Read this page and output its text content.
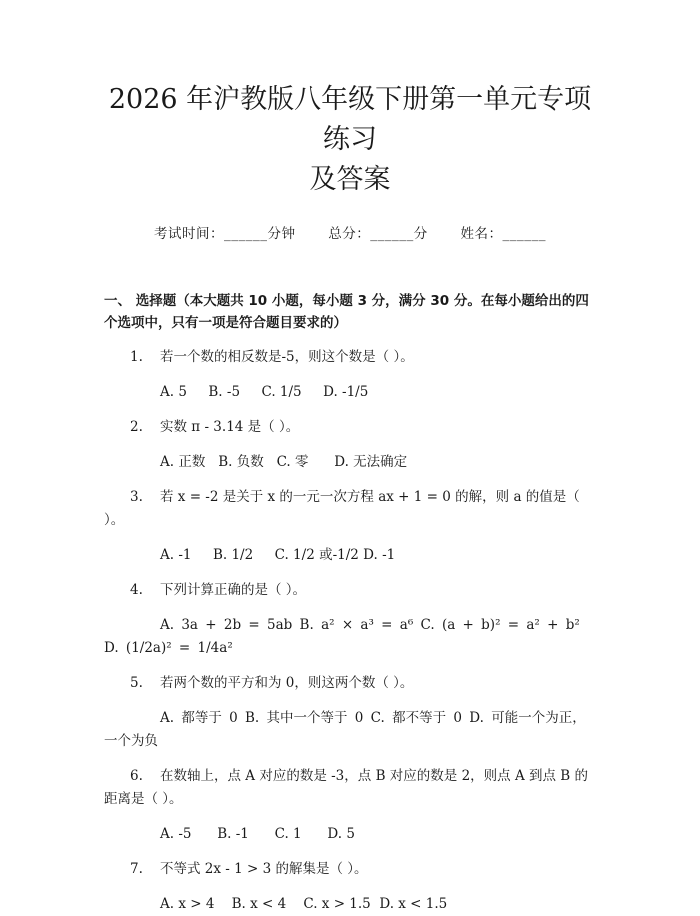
2026 年沪教版八年级下册第一单元专项练习
及答案
考试时间：______分钟 总分：______分 姓名：______
一、 选择题（本大题共 10 小题，每小题 3 分，满分 30 分。在每小题给出的四个选项中，只有一项是符合题目要求的）
1. 若一个数的相反数是-5，则这个数是（ ）。
A. 5     B. -5     C. 1/5     D. -1/5
2. 实数 π - 3.14 是（ ）。
A. 正数   B. 负数   C. 零      D. 无法确定
3. 若 x = -2 是关于 x 的一元一次方程 ax + 1 = 0 的解，则 a 的值是（ ）。
A. -1     B. 1/2     C. 1/2 或-1/2 D. -1
4. 下列计算正确的是（ ）。
A. 3a + 2b = 5ab B. a² × a³ = a⁶ C. (a + b)² = a² + b² D. (1/2a)² = 1/4a²
5. 若两个数的平方和为 0，则这两个数（ ）。
A. 都等于 0 B. 其中一个等于 0 C. 都不等于 0 D. 可能一个为正，一个为负
6. 在数轴上，点 A 对应的数是 -3，点 B 对应的数是 2，则点 A 到点 B 的距离是（ ）。
A. -5      B. -1      C. 1      D. 5
7. 不等式 2x - 1 > 3 的解集是（ ）。
A. x > 4    B. x < 4    C. x > 1.5  D. x < 1.5
